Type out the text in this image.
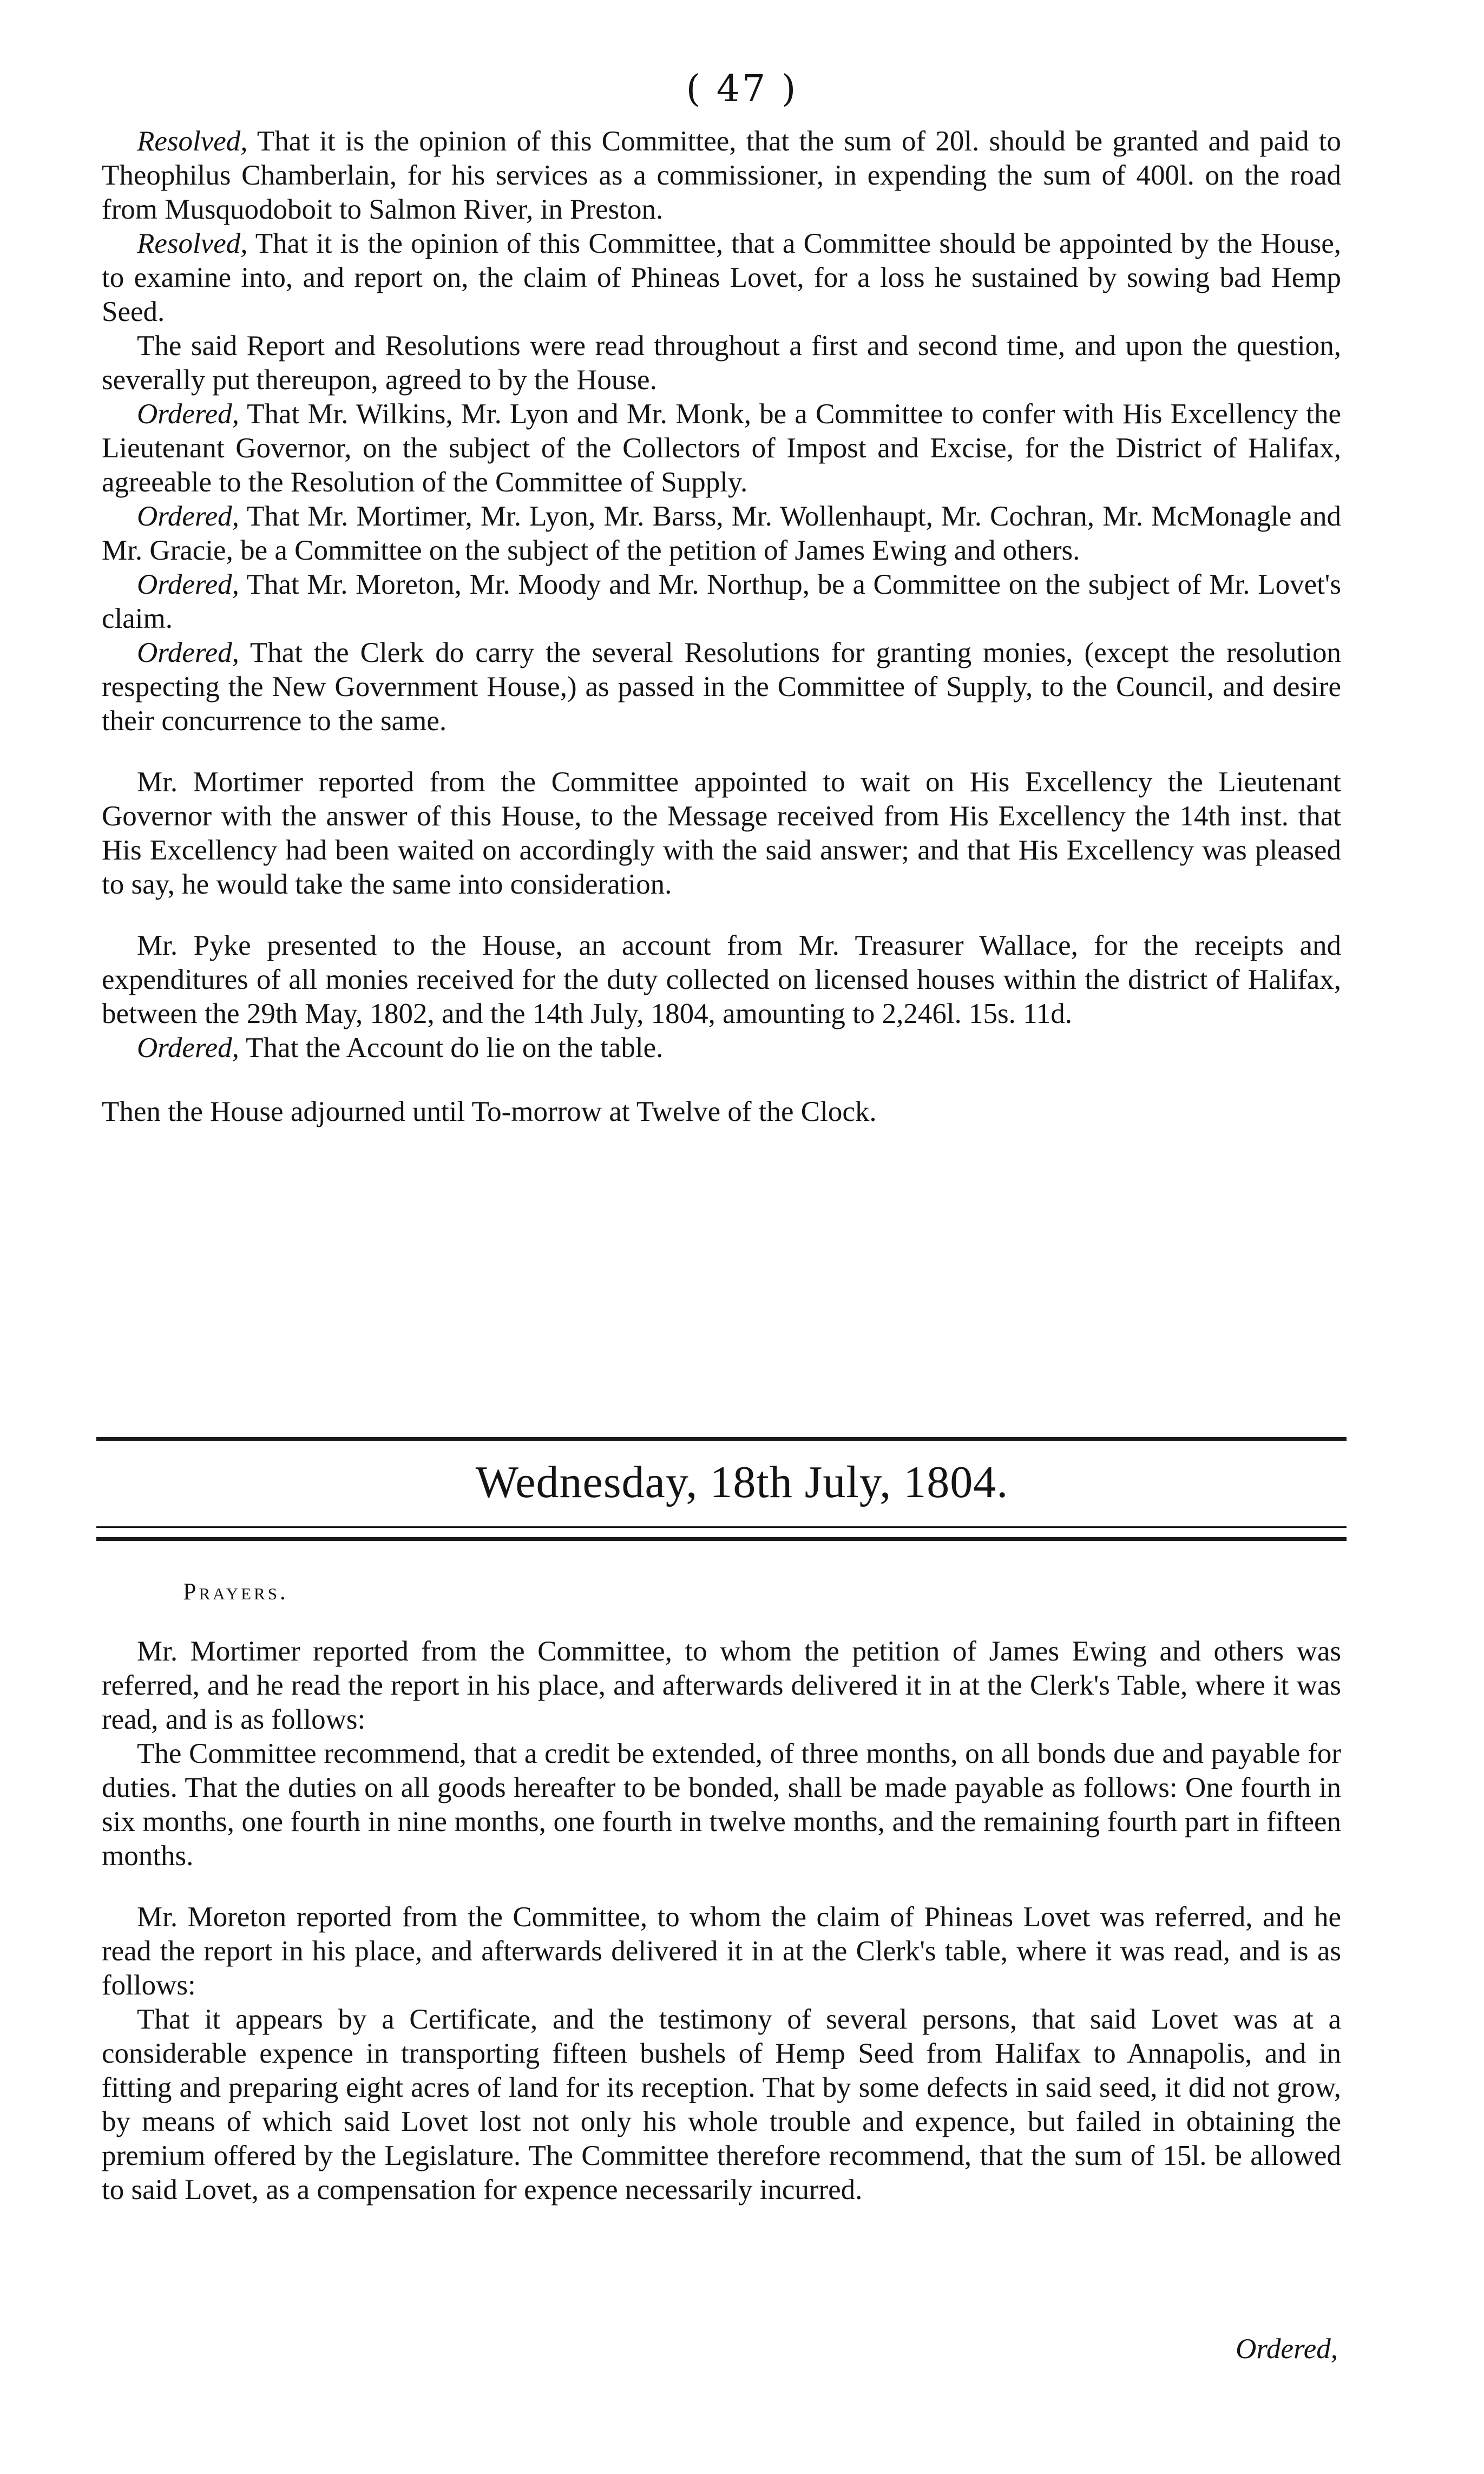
( 47 )

Resolved, That it is the opinion of this Committee, that the sum of 20l. should be granted and paid to Theophilus Chamberlain, for his services as a commissioner, in expending the sum of 400l. on the road from Musquodoboit to Salmon River, in Preston.

Resolved, That it is the opinion of this Committee, that a Committee should be appointed by the House, to examine into, and report on, the claim of Phineas Lovet, for a loss he sustained by sowing bad Hemp Seed.

The said Report and Resolutions were read throughout a first and second time, and upon the question, severally put thereupon, agreed to by the House.

Ordered, That Mr. Wilkins, Mr. Lyon and Mr. Monk, be a Committee to confer with His Excellency the Lieutenant Governor, on the subject of the Collectors of Impost and Excise, for the District of Halifax, agreeable to the Resolution of the Committee of Supply.

Ordered, That Mr. Mortimer, Mr. Lyon, Mr. Barss, Mr. Wollenhaupt, Mr. Cochran, Mr. McMonagle and Mr. Gracie, be a Committee on the subject of the petition of James Ewing and others.

Ordered, That Mr. Moreton, Mr. Moody and Mr. Northup, be a Committee on the subject of Mr. Lovet's claim.

Ordered, That the Clerk do carry the several Resolutions for granting monies, (except the resolution respecting the New Government House,) as passed in the Committee of Supply, to the Council, and desire their concurrence to the same.

Mr. Mortimer reported from the Committee appointed to wait on His Excellency the Lieutenant Governor with the answer of this House, to the Message received from His Excellency the 14th inst. that His Excellency had been waited on accordingly with the said answer; and that His Excellency was pleased to say, he would take the same into consideration.

Mr. Pyke presented to the House, an account from Mr. Treasurer Wallace, for the receipts and expenditures of all monies received for the duty collected on licensed houses within the district of Halifax, between the 29th May, 1802, and the 14th July, 1804, amounting to 2,246l. 15s. 11d.

Ordered, That the Account do lie on the table.

Then the House adjourned until To-morrow at Twelve of the Clock.

Wednesday, 18th July, 1804.
Prayers.

Mr. Mortimer reported from the Committee, to whom the petition of James Ewing and others was referred, and he read the report in his place, and afterwards delivered it in at the Clerk's Table, where it was read, and is as follows:

The Committee recommend, that a credit be extended, of three months, on all bonds due and payable for duties. That the duties on all goods hereafter to be bonded, shall be made payable as follows: One fourth in six months, one fourth in nine months, one fourth in twelve months, and the remaining fourth part in fifteen months.

Mr. Moreton reported from the Committee, to whom the claim of Phineas Lovet was referred, and he read the report in his place, and afterwards delivered it in at the Clerk's table, where it was read, and is as follows:

That it appears by a Certificate, and the testimony of several persons, that said Lovet was at a considerable expence in transporting fifteen bushels of Hemp Seed from Halifax to Annapolis, and in fitting and preparing eight acres of land for its reception. That by some defects in said seed, it did not grow, by means of which said Lovet lost not only his whole trouble and expence, but failed in obtaining the premium offered by the Legislature. The Committee therefore recommend, that the sum of 15l. be allowed to said Lovet, as a compensation for expence necessarily incurred.

Ordered,
